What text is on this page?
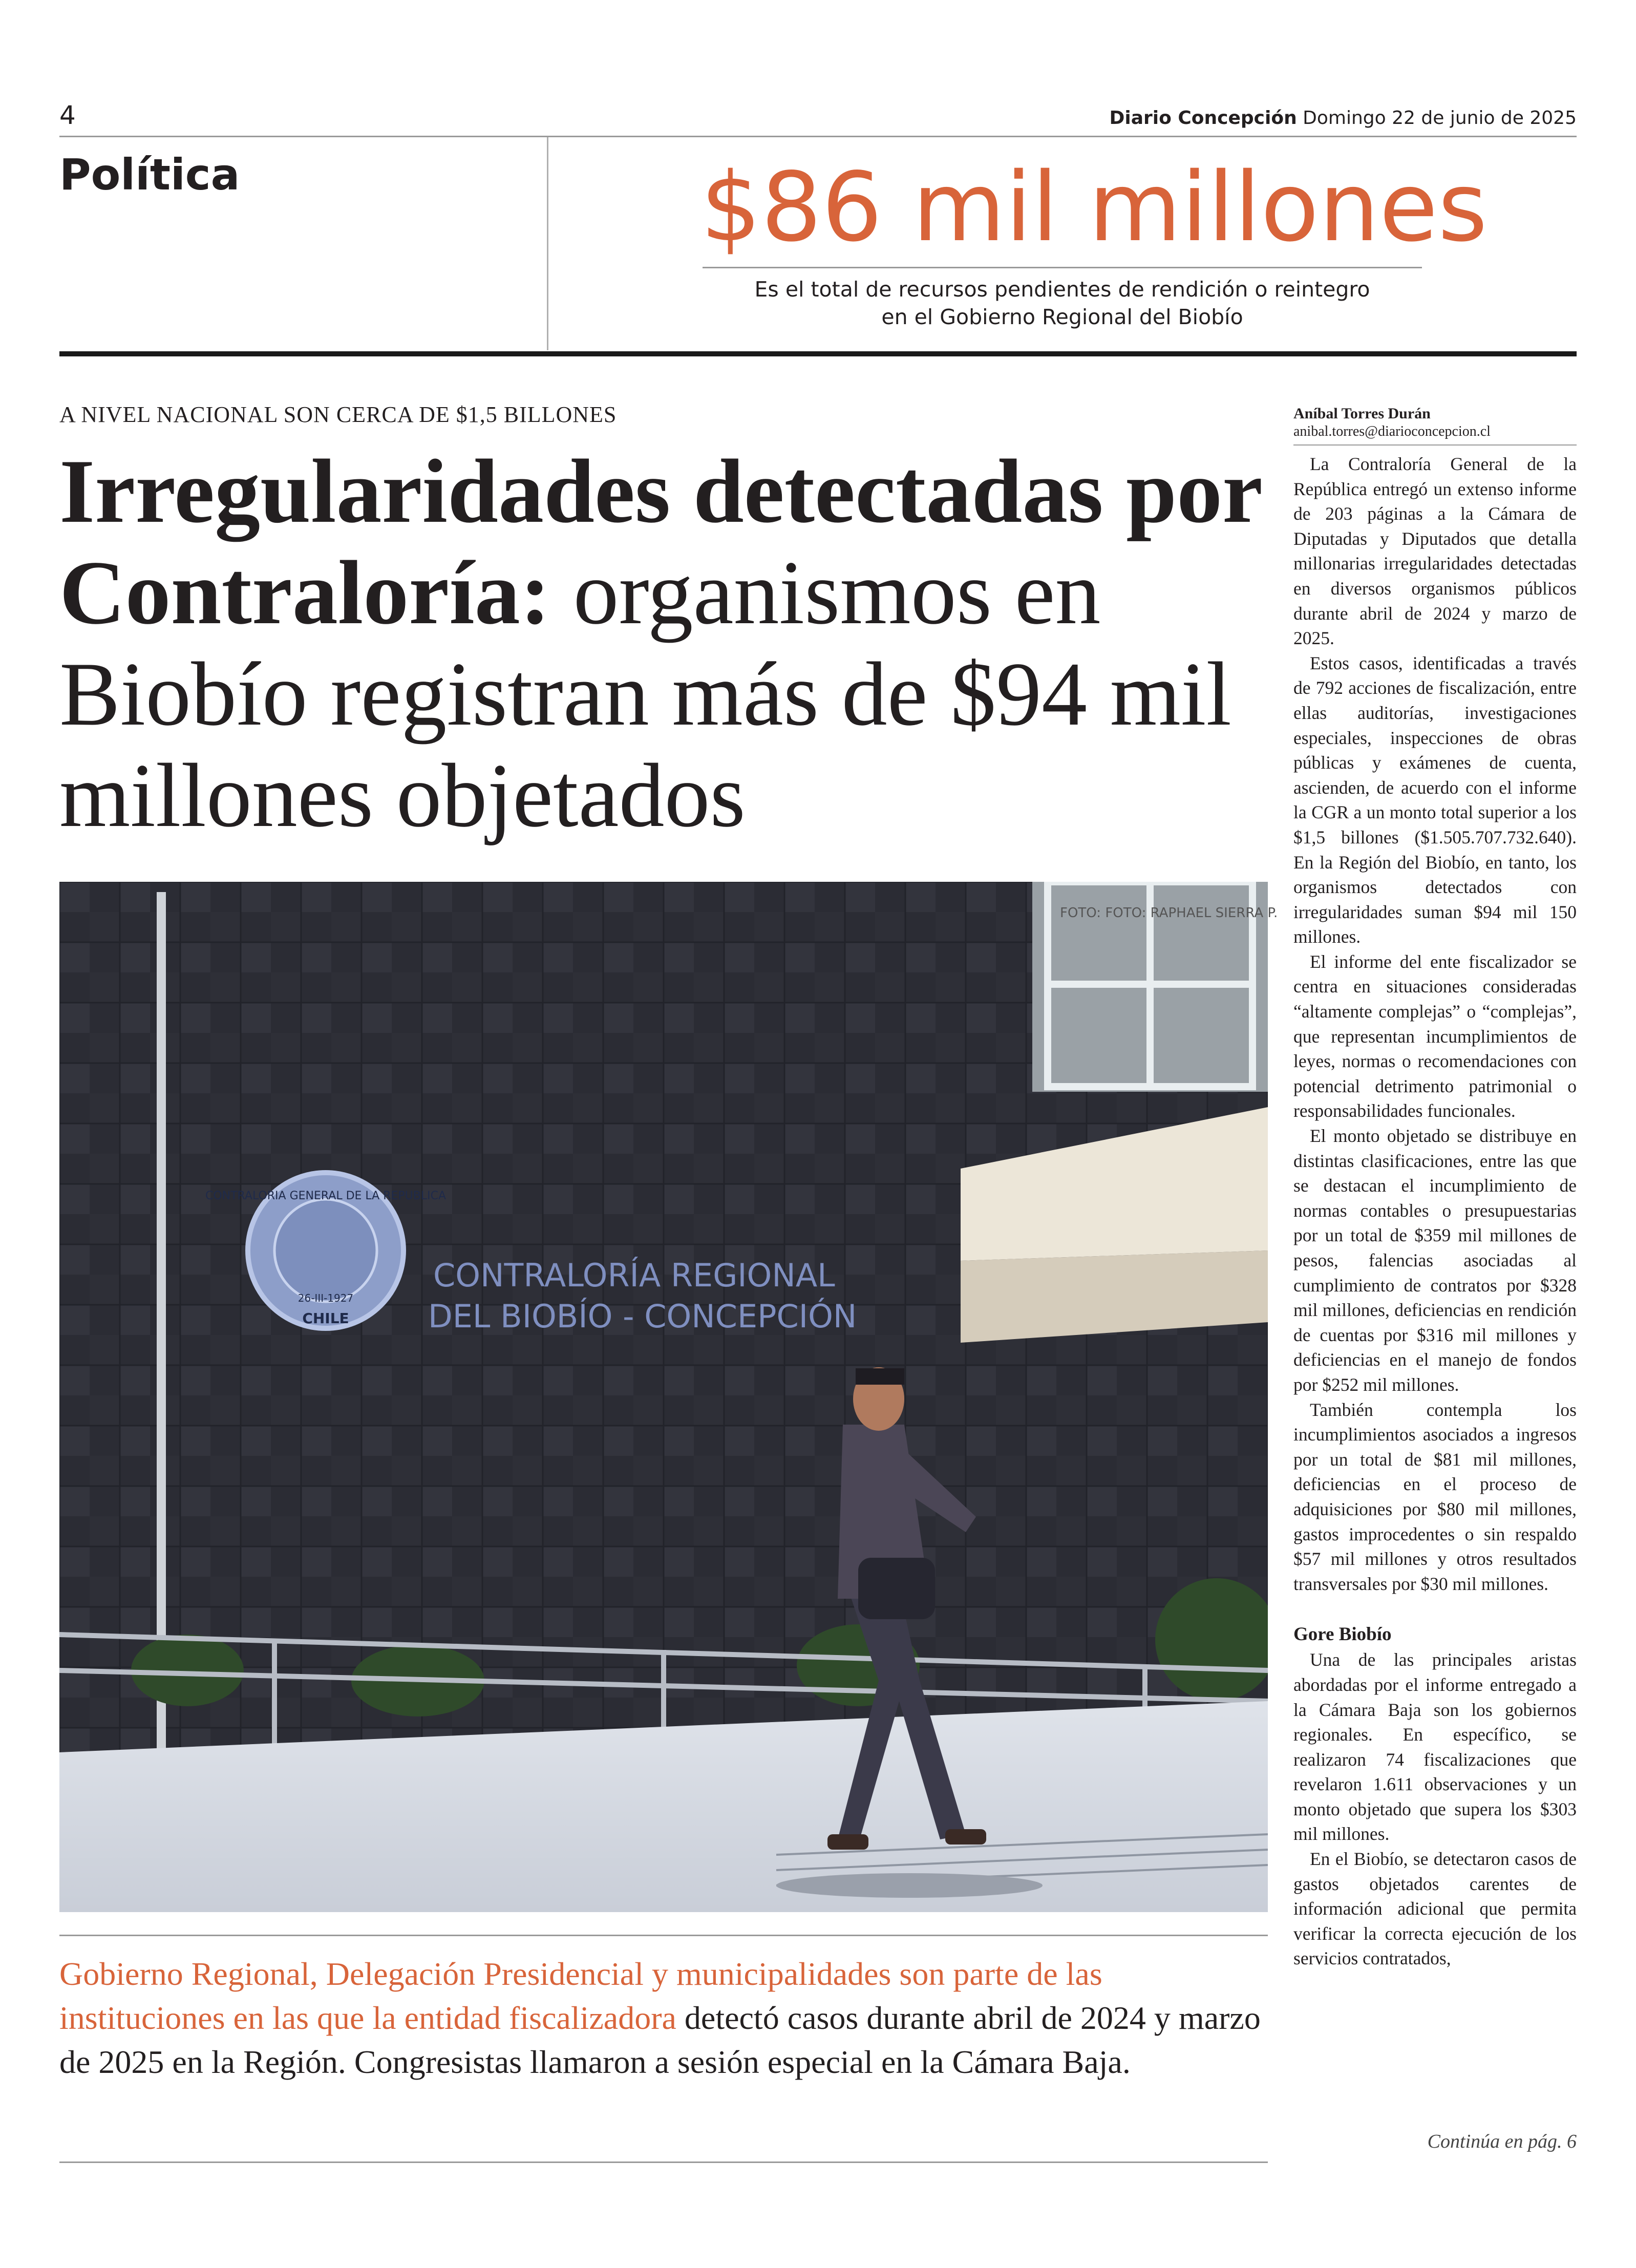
4	Diario Concepción Domingo 22 de junio de 2025
Política	$86 mil millones
Es el total de recursos pendientes de rendición o reintegro
en el Gobierno Regional del Biobío
A NIVEL NACIONAL SON CERCA DE $1,5 BILLONES
Irregularidades detectadas por Contraloría: organismos en Biobío registran más de $94 mil millones objetados
CONTRALORIA GENERAL DE LA REPUBLICA
26-III-1927
CHILE
CONTRALORÍA REGIONAL
DEL BIOBÍO - CONCEPCIÓN
FOTO: FOTO: RAPHAEL SIERRA P.
Gobierno Regional, Delegación Presidencial y municipalidades son parte de las instituciones en las que la entidad fiscalizadora detectó casos durante abril de 2024 y marzo de 2025 en la Región. Congresistas llamaron a sesión especial en la Cámara Baja.
Aníbal Torres Durán
anibal.torres@diarioconcepcion.cl

La Contraloría General de la República entregó un extenso informe de 203 páginas a la Cámara de Diputadas y Diputados que detalla millonarias irregularidades detectadas en diversos organismos públicos durante abril de 2024 y marzo de 2025.

Estos casos, identificadas a través de 792 acciones de fiscalización, entre ellas auditorías, investigaciones especiales, inspecciones de obras públicas y exámenes de cuenta, ascienden, de acuerdo con el informe la CGR a un monto total superior a los $1,5 billones ($1.505.707.732.640). En la Región del Biobío, en tanto, los organismos detectados con irregularidades suman $94 mil 150 millones.

El informe del ente fiscalizador se centra en situaciones consideradas “altamente complejas” o “complejas”, que representan incumplimientos de leyes, normas o recomendaciones con potencial detrimento patrimonial o responsabilidades funcionales.

El monto objetado se distribuye en distintas clasificaciones, entre las que se destacan el incumplimiento de normas contables o presupuestarias por un total de $359 mil millones de pesos, falencias asociadas al cumplimiento de contratos por $328 mil millones, deficiencias en rendición de cuentas por $316 mil millones y deficiencias en el manejo de fondos por $252 mil millones.

También contempla los incumplimientos asociados a ingresos por un total de $81 mil millones, deficiencias en el proceso de adquisiciones por $80 mil millones, gastos improcedentes o sin respaldo $57 mil millones y otros resultados transversales por $30 mil millones.

Gore Biobío

Una de las principales aristas abordadas por el informe entregado a la Cámara Baja son los gobiernos regionales. En específico, se realizaron 74 fiscalizaciones que revelaron 1.611 observaciones y un monto objetado que supera los $303 mil millones.

En el Biobío, se detectaron casos de gastos objetados carentes de información adicional que permita verificar la correcta ejecución de los servicios contratados,

Continúa en pág. 6
